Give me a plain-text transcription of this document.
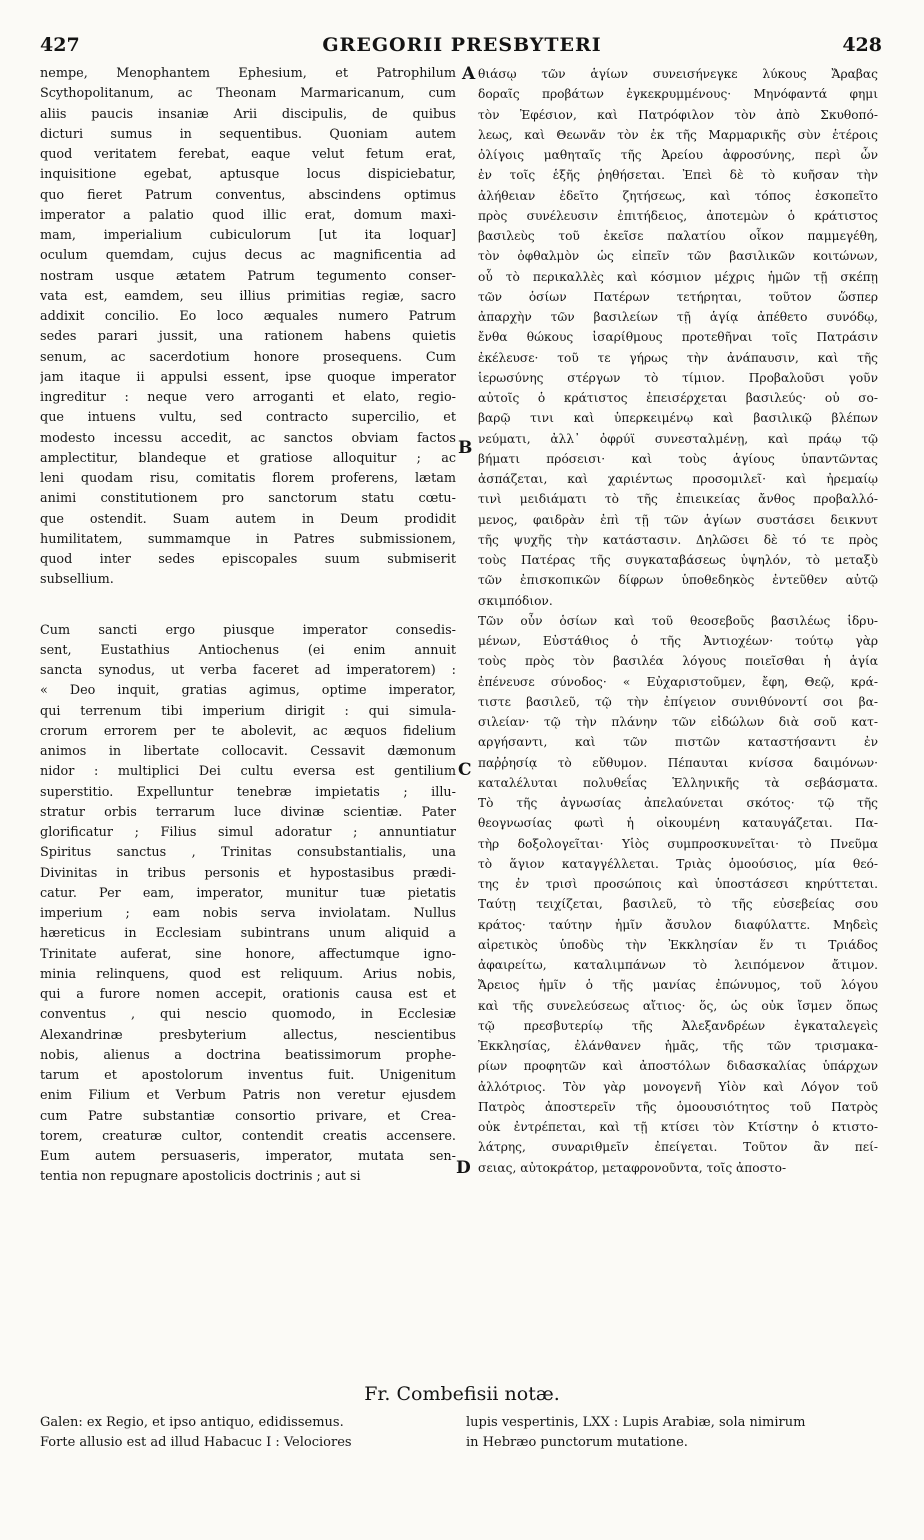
427	GREGORII PRESBYTERI	428
nempe, Menophantem Ephesium, et Patrophilum
Scythopolitanum, ac Theonam Marmaricanum, cum
aliis paucis insaniæ Arii discipulis, de quibus
dicturi sumus in sequentibus. Quoniam autem
quod veritatem ferebat, eaque velut fetum erat,
inquisitione egebat, aptusque locus dispiciebatur,
quo fieret Patrum conventus, abscindens optimus
imperator a palatio quod illic erat, domum maxi-
mam, imperialium cubiculorum [ut ita loquar]
oculum quemdam, cujus decus ac magnificentia ad
nostram usque ætatem Patrum tegumento conser-
vata est, eamdem, seu illius primitias regiæ, sacro
addixit concilio. Eo loco æquales numero Patrum
sedes parari jussit, una rationem habens quietis
senum, ac sacerdotium honore prosequens. Cum
jam itaque ii appulsi essent, ipse quoque imperator
ingreditur : neque vero arroganti et elato, regio-
que intuens vultu, sed contracto supercilio, et
modesto incessu accedit, ac sanctos obviam factos
amplectitur, blandeque et gratiose alloquitur ; ac
leni quodam risu, comitatis florem proferens, lætam
animi constitutionem pro sanctorum statu cœtu-
que ostendit. Suam autem in Deum prodidit
humilitatem, summamque in Patres submissionem,
quod inter sedes episcopales suum submiserit
subsellium.
Cum sancti ergo piusque imperator consedis-
sent, Eustathius Antiochenus (ei enim annuit
sancta synodus, ut verba faceret ad imperatorem) :
« Deo inquit, gratias agimus, optime imperator,
qui terrenum tibi imperium dirigit : qui simula-
crorum errorem per te abolevit, ac æquos fidelium
animos in libertate collocavit. Cessavit dæmonum
nidor : multiplici Dei cultu eversa est gentilium
superstitio. Expelluntur tenebræ impietatis ; illu-
stratur orbis terrarum luce divinæ scientiæ. Pater
glorificatur ; Filius simul adoratur ; annuntiatur
Spiritus sanctus , Trinitas consubstantialis, una
Divinitas in tribus personis et hypostasibus prædi-
catur. Per eam, imperator, munitur tuæ pietatis
imperium ; eam nobis serva inviolatam. Nullus
hæreticus in Ecclesiam subintrans unum aliquid a
Trinitate auferat, sine honore, affectumque igno-
minia relinquens, quod est reliquum. Arius nobis,
qui a furore nomen accepit, orationis causa est et
conventus , qui nescio quomodo, in Ecclesiæ
Alexandrinæ presbyterium allectus, nescientibus
nobis, alienus a doctrina beatissimorum prophe-
tarum et apostolorum inventus fuit. Unigenitum
enim Filium et Verbum Patris non veretur ejusdem
cum Patre substantiæ consortio privare, et Crea-
torem, creaturæ cultor, contendit creatis accensere.
Eum autem persuaseris, imperator, mutata sen-
tentia non repugnare apostolicis doctrinis ; aut si
θιάσῳ τῶν ἁγίων συνεισήνεγκε λύκους Ἄραβας
δοραῖς προβάτων ἐγκεκρυμμένους· Μηνόφαντά φημι
τὸν Ἐφέσιον, καὶ Πατρόφιλον τὸν ἀπὸ Σκυθοπό-
λεως, καὶ Θεωνᾶν τὸν ἐκ τῆς Μαρμαρικῆς σὺν ἑτέροις
ὀλίγοις μαθηταῖς τῆς Ἀρείου ἀφροσύνης, περὶ ὧν
ἐν τοῖς ἑξῆς ῥηθήσεται. Ἐπεὶ δὲ τὸ κυῆσαν τὴν
ἀλήθειαν ἐδεῖτο ζητήσεως, καὶ τόπος ἐσκοπεῖτο
πρὸς συνέλευσιν ἐπιτήδειος, ἀποτεμὼν ὁ κράτιστος
βασιλεὺς τοῦ ἐκεῖσε παλατίου οἶκον παμμεγέθη,
τὸν ὀφθαλμὸν ὡς εἰπεῖν τῶν βασιλικῶν κοιτώνων,
οὗ τὸ περικαλλὲς καὶ κόσμιον μέχρις ἡμῶν τῇ σκέπῃ
τῶν ὁσίων Πατέρων τετήρηται, τοῦτον ὥσπερ
ἀπαρχὴν τῶν βασιλείων τῇ ἁγίᾳ ἀπέθετο συνόδῳ,
ἔνθα θώκους ἰσαρίθμους προτεθῆναι τοῖς Πατράσιν
ἐκέλευσε· τοῦ τε γήρως τὴν ἀνάπαυσιν, καὶ τῆς
ἱερωσύνης στέργων τὸ τίμιον. Προβαλοῦσι γοῦν
αὐτοῖς ὁ κράτιστος ἐπεισέρχεται βασιλεύς· οὐ σο-
βαρῷ τινι καὶ ὑπερκειμένῳ καὶ βασιλικῷ βλέπων
νεύματι, ἀλλ᾽ ὀφρύϊ συνεσταλμένῃ, καὶ πράῳ τῷ
βήματι πρόσεισι· καὶ τοὺς ἁγίους ὑπαντῶντας
ἀσπάζεται, καὶ χαριέντως προσομιλεῖ· καὶ ἠρεμαίῳ
τινὶ μειδιάματι τὸ τῆς ἐπιεικείας ἄνθος προβαλλό-
μενος, φαιδρὰν ἐπὶ τῇ τῶν ἁγίων συστάσει δεικνυτ
τῆς ψυχῆς τὴν κατάστασιν. Δηλῶσει δὲ τό τε πρὸς
τοὺς Πατέρας τῆς συγκαταβάσεως ὑψηλόν, τὸ μεταξὺ
τῶν ἐπισκοπικῶν δίφρων ὑποθεδηκὸς ἐντεῦθεν αὐτῷ
σκιμπόδιον.
Τῶν οὖν ὁσίων καὶ τοῦ θεοσεβοῦς βασιλέως ἱδρυ-
μένων, Εὐστάθιος ὁ τῆς Ἀντιοχέων· τούτῳ γὰρ
τοὺς πρὸς τὸν βασιλέα λόγους ποιεῖσθαι ἡ ἁγία
ἐπένευσε σύνοδος· « Εὐχαριστοῦμεν, ἔφη, Θεῷ, κρά-
τιστε βασιλεῦ, τῷ τὴν ἐπίγειον συνιθύνοντί σοι βα-
σιλείαν· τῷ τὴν πλάνην τῶν εἰδώλων διὰ σοῦ κατ-
αργήσαντι, καὶ τῶν πιστῶν καταστήσαντι ἐν
παῤῥησίᾳ τὸ εὔθυμον. Πέπαυται κνίσσα δαιμόνων·
καταλέλυται πολυθεΐας Ἑλληνικῆς τὰ σεβάσματα.
Τὸ τῆς ἀγνωσίας ἀπελαύνεται σκότος· τῷ τῆς
θεογνωσίας φωτὶ ἡ οἰκουμένη καταυγάζεται. Πα-
τὴρ δοξολογεῖται· Υἱὸς συμπροσκυνεῖται· τὸ Πνεῦμα
τὸ ἅγιον καταγγέλλεται. Τριὰς ὁμοούσιος, μία θεό-
της ἐν τρισὶ προσώποις καὶ ὑποστάσεσι κηρύττεται.
Ταύτῃ τειχίζεται, βασιλεῦ, τὸ τῆς εὐσεβείας σου
κράτος· ταύτην ἡμῖν ἄσυλον διαφύλαττε. Μηδεὶς
αἱρετικὸς ὑποδὺς τὴν Ἐκκλησίαν ἕν τι Τριάδος
ἀφαιρείτω, καταλιμπάνων τὸ λειπόμενον ἄτιμον.
Ἄρειος ἡμῖν ὁ τῆς μανίας ἐπώνυμος, τοῦ λόγου
καὶ τῆς συνελεύσεως αἴτιος· ὅς, ὡς οὐκ ἴσμεν ὅπως
τῷ πρεσβυτερίῳ τῆς Ἀλεξανδρέων ἐγκαταλεγεὶς
Ἐκκλησίας, ἐλάνθανεν ἡμᾶς, τῆς τῶν τρισμακα-
ρίων προφητῶν καὶ ἀποστόλων διδασκαλίας ὑπάρχων
ἀλλότριος. Τὸν γὰρ μονογενῆ Υἱὸν καὶ Λόγον τοῦ
Πατρὸς ἀποστερεῖν τῆς ὁμοουσιότητος τοῦ Πατρὸς
οὐκ ἐντρέπεται, καὶ τῇ κτίσει τὸν Κτίστην ὁ κτιστο-
λάτρης, συναριθμεῖν ἐπείγεται. Τοῦτον ἂν πεί-
σειας, αὐτοκράτορ, μεταφρονοῦντα, τοῖς ἀποστο-
A
B
C
D
Fr. Combefisii notæ.
Galen: ex Regio, et ipso antiquo, edidissemus.
Forte allusio est ad illud Habacuc I : Velociores
lupis vespertinis, LXX : Lupis Arabiæ, sola nimirum
in Hebræo punctorum mutatione.
